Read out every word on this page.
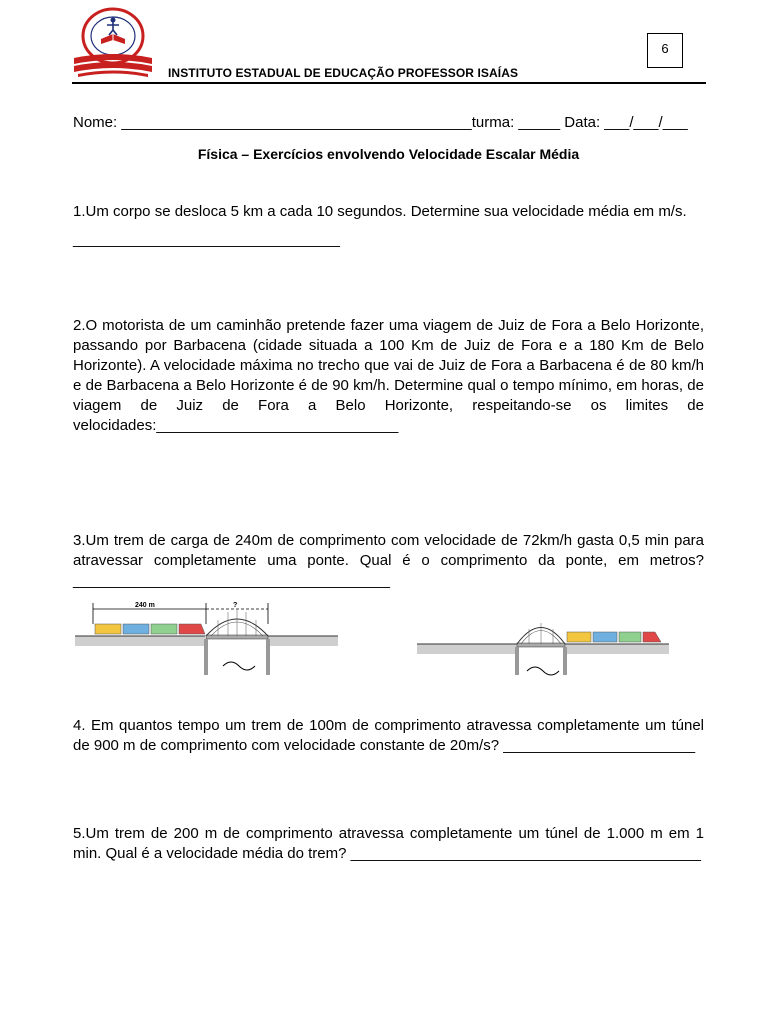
6
INSTITUTO ESTADUAL DE EDUCAÇÃO PROFESSOR ISAÍAS
Nome: __________________________________________turma: _____ Data: ___/___/___
Física – Exercícios envolvendo Velocidade Escalar Média
1.Um corpo se desloca 5 km a cada 10 segundos. Determine sua velocidade média em m/s.
________________________________
2.O motorista de um caminhão pretende fazer uma viagem de Juiz de Fora a Belo Horizonte, passando por Barbacena (cidade situada a 100 Km de Juiz de Fora e a 180 Km de Belo Horizonte). A velocidade máxima no trecho que vai de Juiz de Fora a Barbacena é de 80 km/h e de Barbacena a Belo Horizonte é de 90 km/h. Determine qual o tempo mínimo, em horas, de viagem de Juiz de Fora a Belo Horizonte, respeitando-se os limites de velocidades:_____________________________
3.Um trem de carga de 240m de comprimento com velocidade de 72km/h gasta 0,5 min para atravessar completamente uma ponte. Qual é o comprimento da ponte, em metros? ______________________________________
240 m	?
4. Em quantos tempo um trem de 100m de comprimento atravessa completamente um túnel de 900 m de comprimento com velocidade constante de 20m/s? _______________________
5.Um trem de 200 m de comprimento atravessa completamente um túnel de 1.000 m em 1 min. Qual é a velocidade média do trem? __________________________________________
